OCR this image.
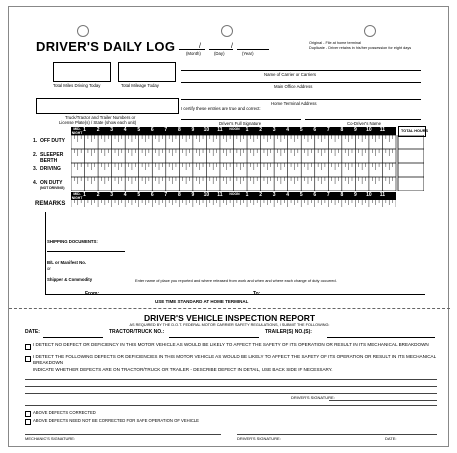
DRIVER'S DAILY LOG	/	/
(Month)	(Day)	(Year)
Original - File at home terminal
Duplicate - Driver retains in his/her possession for eight days
Total Miles Driving Today	Total Mileage Today
Name of Carrier or Carriers
Main Office Address
Truck/Tractor and Trailer Numbers or
License Plate(s) / State (show each unit)
Home Terminal Address
I certify these entries are true and correct:
Driver's Full Signature	Co-Driver's Name
MID-NIGHT 1	2	3	4	5	6	7	8	9	10	11	NOON	1	2	3	4	5	6	7	8	9	10	11	TOTAL HOURS
1. OFF DUTY
2. SLEEPER
BERTH
3. DRIVING
4. ON DUTY
(NOT DRIVING)
MID-NIGHT 1	2	3	4	5	6	7	8	9	10	11	NOON	1	2	3	4	5	6	7	8	9	10	11
REMARKS
SHIPPING DOCUMENTS:
B/L or Manifest No.
or
Shipper & Commodity	Enter name of place you reported and where released from work and when and where each change of duty occurred.
From:	To:
USE TIME STANDARD AT HOME TERMINAL
DRIVER'S VEHICLE INSPECTION REPORT
AS REQUIRED BY THE D.O.T. FEDERAL MOTOR CARRIER SAFETY REGULATIONS, I SUBMIT THE FOLLOWING:
DATE:	TRACTOR/TRUCK NO.:	TRAILER(S) NO.(S):
I DETECT NO DEFECT OR DEFICIENCY IN THIS MOTOR VEHICLE AS WOULD BE LIKELY TO AFFECT THE SAFETY OF ITS OPERATION OR RESULT IN ITS MECHANICAL BREAKDOWN
I DETECT THE FOLLOWING DEFECTS OR DEFICIENCIES IN THIS MOTOR VEHICLE AS WOULD BE LIKELY TO AFFECT THE SAFETY OF ITS OPERATION OR RESULT IN ITS MECHANICAL BREAKDOWN
INDICATE WHETHER DEFECTS ARE ON TRACTOR/TRUCK OR TRAILER - DESCRIBE DEFECT IN DETAIL, USE BACK SIDE IF NECESSARY.
DRIVER'S SIGNATURE:
ABOVE DEFECTS CORRECTED
ABOVE DEFECTS NEED NOT BE CORRECTED FOR SAFE OPERATION OF VEHICLE
MECHANIC'S SIGNATURE:	DRIVER'S SIGNATURE:	DATE:
